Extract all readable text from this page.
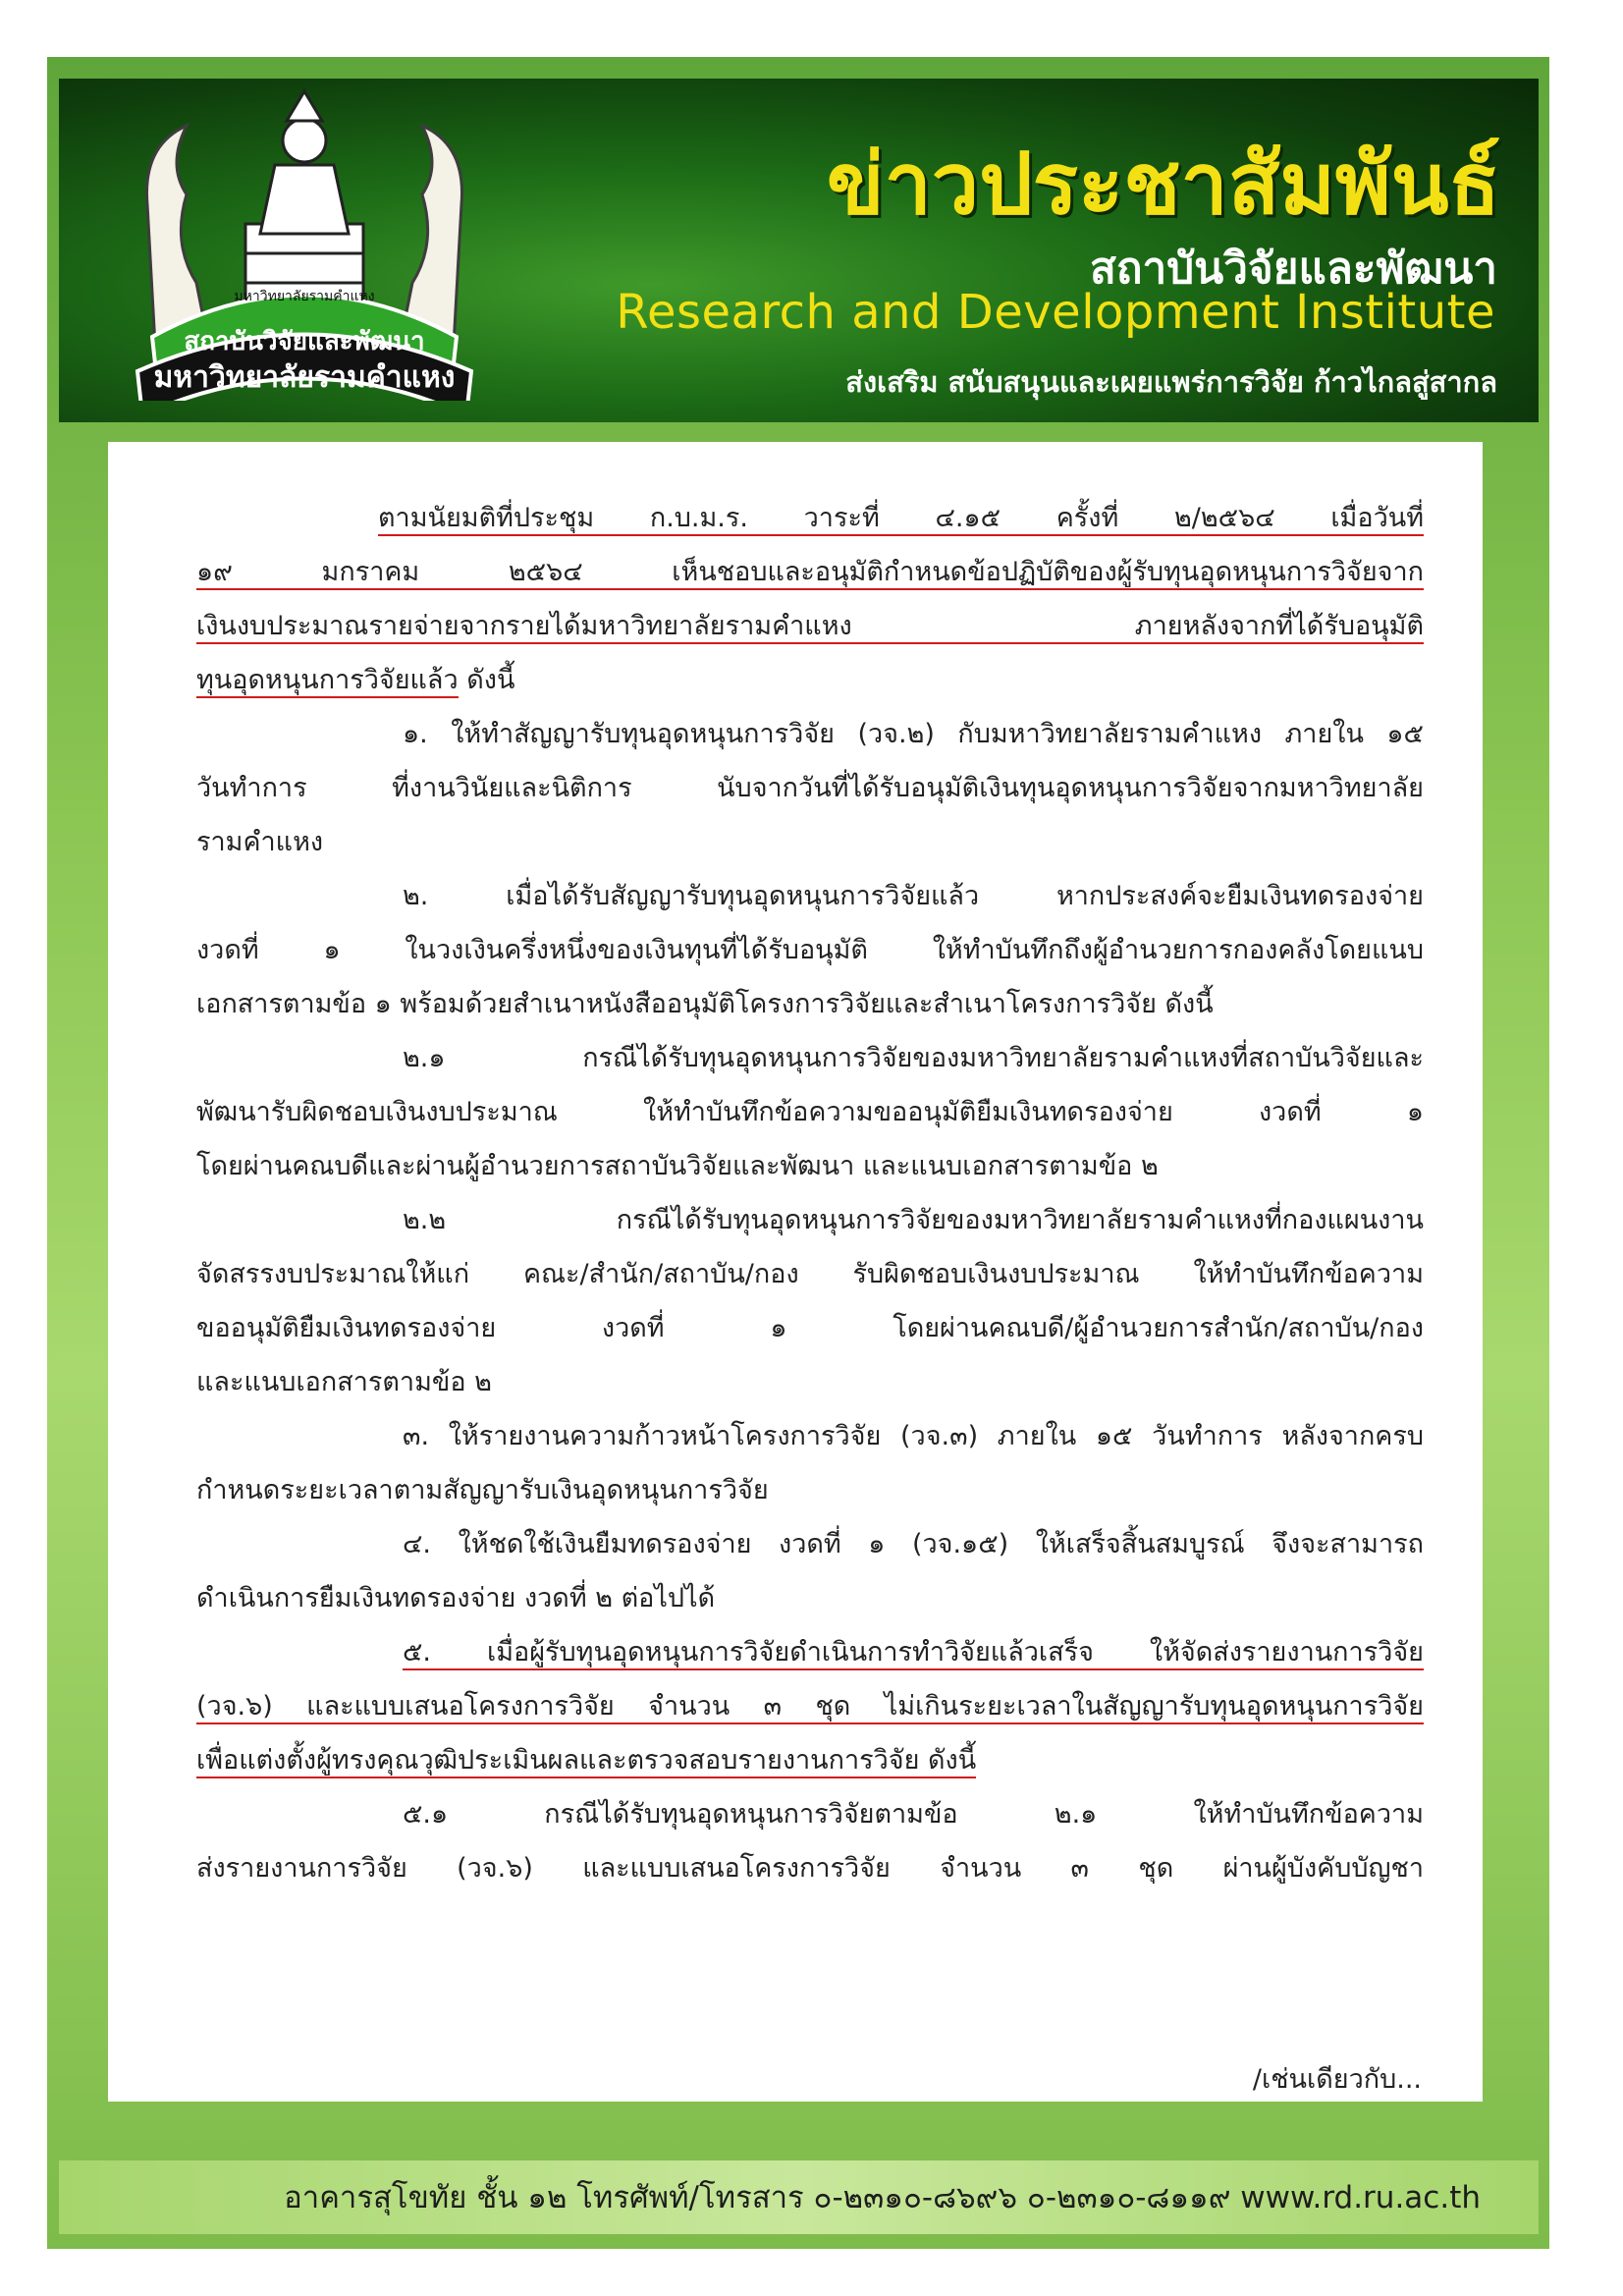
มหาวิทยาลัยรามคำแหง
สถาบันวิจัยและพัฒนา
มหาวิทยาลัยรามคำแหง
ข่าวประชาสัมพันธ์
สถาบันวิจัยและพัฒนา
Research and Development Institute
ส่งเสริม สนับสนุนและเผยแพร่การวิจัย ก้าวไกลสู่สากล
ตามนัยมติที่ประชุม ก.บ.ม.ร. วาระที่ ๔.๑๕ ครั้งที่ ๒/๒๕๖๔ เมื่อวันที่
๑๙ มกราคม ๒๕๖๔ เห็นชอบและอนุมัติกำหนดข้อปฏิบัติของผู้รับทุนอุดหนุนการวิจัยจาก
เงินงบประมาณรายจ่ายจากรายได้มหาวิทยาลัยรามคำแหง ภายหลังจากที่ได้รับอนุมัติ
ทุนอุดหนุนการวิจัยแล้ว ดังนี้
๑. ให้ทำสัญญารับทุนอุดหนุนการวิจัย (วจ.๒) กับมหาวิทยาลัยรามคำแหง ภายใน ๑๕
วันทำการ ที่งานวินัยและนิติการ นับจากวันที่ได้รับอนุมัติเงินทุนอุดหนุนการวิจัยจากมหาวิทยาลัย
รามคำแหง
๒. เมื่อได้รับสัญญารับทุนอุดหนุนการวิจัยแล้ว หากประสงค์จะยืมเงินทดรองจ่าย
งวดที่ ๑ ในวงเงินครึ่งหนึ่งของเงินทุนที่ได้รับอนุมัติ ให้ทำบันทึกถึงผู้อำนวยการกองคลังโดยแนบ
เอกสารตามข้อ ๑ พร้อมด้วยสำเนาหนังสืออนุมัติโครงการวิจัยและสำเนาโครงการวิจัย ดังนี้
๒.๑ กรณีได้รับทุนอุดหนุนการวิจัยของมหาวิทยาลัยรามคำแหงที่สถาบันวิจัยและ
พัฒนารับผิดชอบเงินงบประมาณ ให้ทำบันทึกข้อความขออนุมัติยืมเงินทดรองจ่าย งวดที่ ๑
โดยผ่านคณบดีและผ่านผู้อำนวยการสถาบันวิจัยและพัฒนา และแนบเอกสารตามข้อ ๒
๒.๒ กรณีได้รับทุนอุดหนุนการวิจัยของมหาวิทยาลัยรามคำแหงที่กองแผนงาน
จัดสรรงบประมาณให้แก่ คณะ/สำนัก/สถาบัน/กอง รับผิดชอบเงินงบประมาณ ให้ทำบันทึกข้อความ
ขออนุมัติยืมเงินทดรองจ่าย งวดที่ ๑ โดยผ่านคณบดี/ผู้อำนวยการสำนัก/สถาบัน/กอง
และแนบเอกสารตามข้อ ๒
๓. ให้รายงานความก้าวหน้าโครงการวิจัย (วจ.๓) ภายใน ๑๕ วันทำการ หลังจากครบ
กำหนดระยะเวลาตามสัญญารับเงินอุดหนุนการวิจัย
๔. ให้ชดใช้เงินยืมทดรองจ่าย งวดที่ ๑ (วจ.๑๕) ให้เสร็จสิ้นสมบูรณ์ จึงจะสามารถ
ดำเนินการยืมเงินทดรองจ่าย งวดที่ ๒ ต่อไปได้
๕. เมื่อผู้รับทุนอุดหนุนการวิจัยดำเนินการทำวิจัยแล้วเสร็จ ให้จัดส่งรายงานการวิจัย
(วจ.๖) และแบบเสนอโครงการวิจัย จำนวน ๓ ชุด ไม่เกินระยะเวลาในสัญญารับทุนอุดหนุนการวิจัย
เพื่อแต่งตั้งผู้ทรงคุณวุฒิประเมินผลและตรวจสอบรายงานการวิจัย ดังนี้
๕.๑ กรณีได้รับทุนอุดหนุนการวิจัยตามข้อ ๒.๑ ให้ทำบันทึกข้อความ
ส่งรายงานการวิจัย (วจ.๖) และแบบเสนอโครงการวิจัย จำนวน ๓ ชุด ผ่านผู้บังคับบัญชา
/เช่นเดียวกับ...
อาคารสุโขทัย ชั้น ๑๒ โทรศัพท์/โทรสาร ๐-๒๓๑๐-๘๖๙๖ ๐-๒๓๑๐-๘๑๑๙ www.rd.ru.ac.th
